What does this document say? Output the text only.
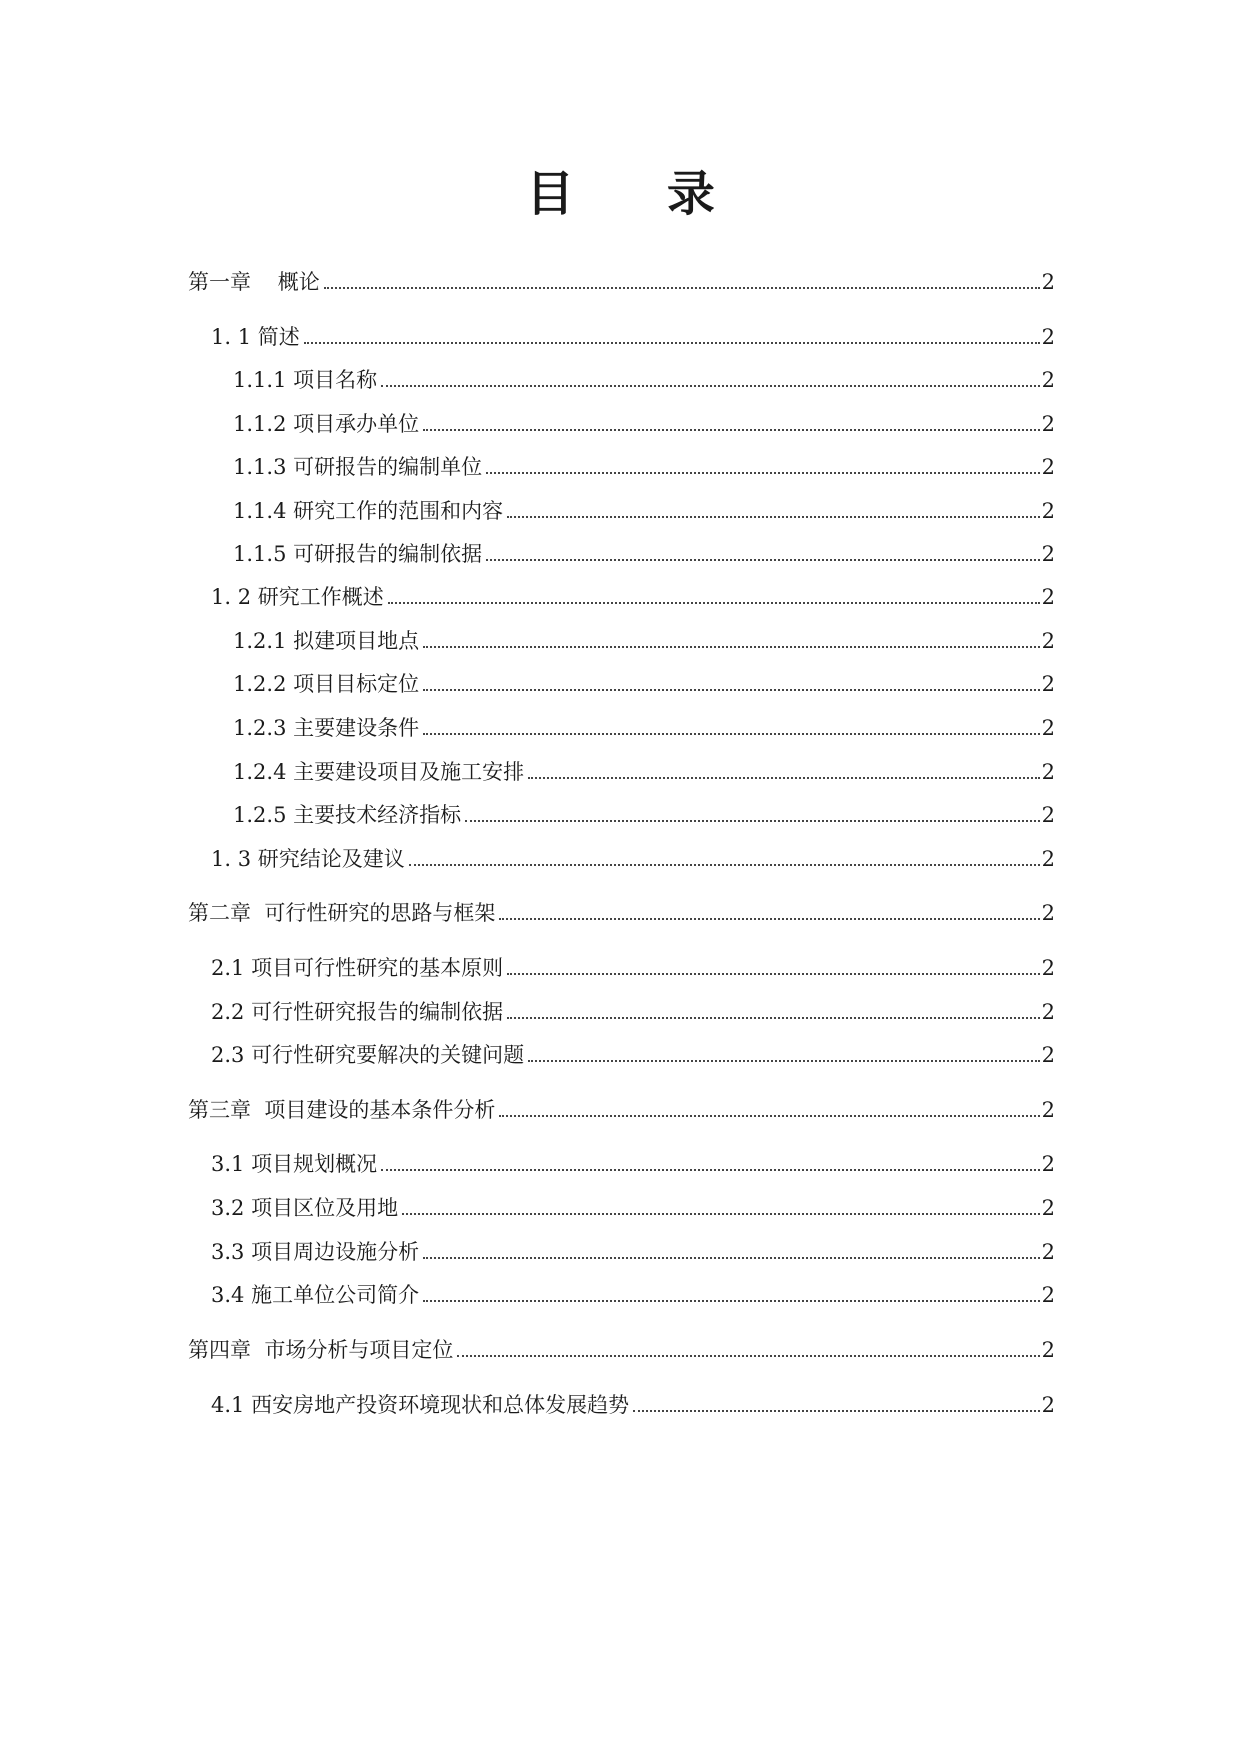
目 录
第一章    概论	2
1. 1 简述	2
1.1.1 项目名称	2
1.1.2 项目承办单位	2
1.1.3 可研报告的编制单位	2
1.1.4 研究工作的范围和内容	2
1.1.5 可研报告的编制依据	2
1. 2 研究工作概述	2
1.2.1 拟建项目地点	2
1.2.2 项目目标定位	2
1.2.3 主要建设条件	2
1.2.4 主要建设项目及施工安排	2
1.2.5 主要技术经济指标	2
1. 3 研究结论及建议	2
第二章  可行性研究的思路与框架	2
2.1 项目可行性研究的基本原则	2
2.2 可行性研究报告的编制依据	2
2.3 可行性研究要解决的关键问题	2
第三章  项目建设的基本条件分析	2
3.1 项目规划概况	2
3.2 项目区位及用地	2
3.3 项目周边设施分析	2
3.4 施工单位公司简介	2
第四章  市场分析与项目定位	2
4.1 西安房地产投资环境现状和总体发展趋势	2
